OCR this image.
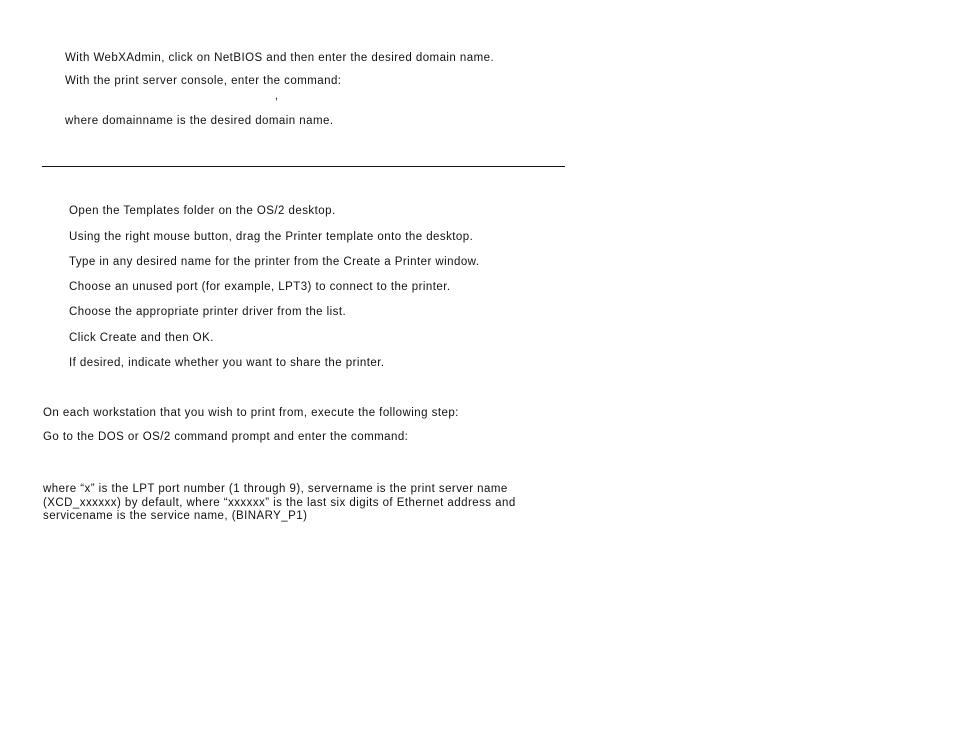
With WebXAdmin, click on NetBIOS and then enter the desired domain name.
With the print server console, enter the command:
,
where domainname is the desired domain name.
Open the Templates folder on the OS/2 desktop.
Using the right mouse button, drag the Printer template onto the desktop.
Type in any desired name for the printer from the Create a Printer window.
Choose an unused port (for example, LPT3) to connect to the printer.
Choose the appropriate printer driver from the list.
Click Create and then OK.
If desired, indicate whether you want to share the printer.
On each workstation that you wish to print from, execute the following step:
Go to the DOS or OS/2 command prompt and enter the command:
where “x” is the LPT port number (1 through 9), servername is the print server name (XCD_xxxxxx) by default, where “xxxxxx” is the last six digits of Ethernet address and servicename is the service name, (BINARY_P1)
